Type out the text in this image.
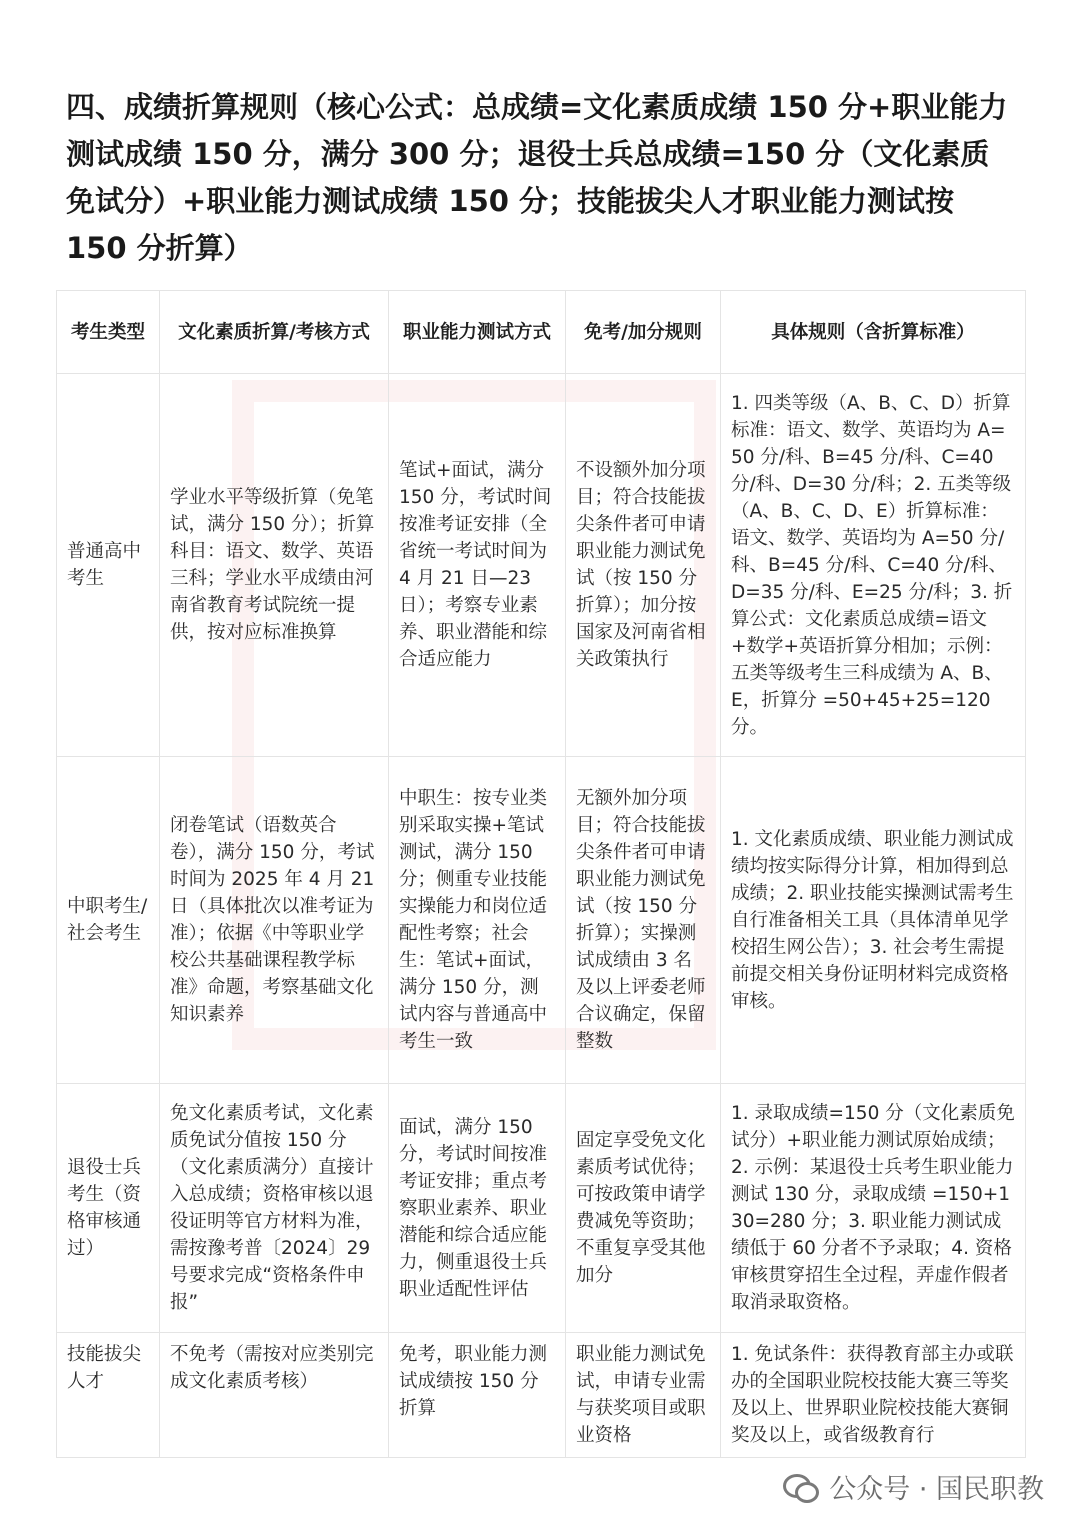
四、成绩折算规则（核心公式：总成绩=文化素质成绩 150 分+职业能力测试成绩 150 分，满分 300 分；退役士兵总成绩=150 分（文化素质免试分）+职业能力测试成绩 150 分；技能拔尖人才职业能力测试按 150 分折算）
考生类型	文化素质折算/考核方式	职业能力测试方式	免考/加分规则	具体规则（含折算标准）
普通高中考生	学业水平等级折算（免笔试，满分 150 分）；折算科目：语文、数学、英语三科；学业水平成绩由河南省教育考试院统一提供，按对应标准换算	笔试+面试，满分 150 分，考试时间按准考证安排（全省统一考试时间为 4 月 21 日—23 日）；考察专业素养、职业潜能和综合适应能力	不设额外加分项目；符合技能拔尖条件者可申请职业能力测试免试（按 150 分折算）；加分按国家及河南省相关政策执行	1. 四类等级（A、B、C、D）折算标准：语文、数学、英语均为 A=50 分/科、B=45 分/科、C=40 分/科、D=30 分/科；2. 五类等级（A、B、C、D、E）折算标准：语文、数学、英语均为 A=50 分/科、B=45 分/科、C=40 分/科、D=35 分/科、E=25 分/科；3. 折算公式：文化素质总成绩=语文+数学+英语折算分相加；示例：五类等级考生三科成绩为 A、B、E，折算分 =50+45+25=120 分。
中职考生/社会考生	闭卷笔试（语数英合卷），满分 150 分，考试时间为 2025 年 4 月 21 日（具体批次以准考证为准）；依据《中等职业学校公共基础课程教学标准》命题，考察基础文化知识素养	中职生：按专业类别采取实操+笔试测试，满分 150 分；侧重专业技能实操能力和岗位适配性考察；社会生：笔试+面试，满分 150 分，测试内容与普通高中考生一致	无额外加分项目；符合技能拔尖条件者可申请职业能力测试免试（按 150 分折算）；实操测试成绩由 3 名及以上评委老师合议确定，保留整数	1. 文化素质成绩、职业能力测试成绩均按实际得分计算，相加得到总成绩；2. 职业技能实操测试需考生自行准备相关工具（具体清单见学校招生网公告）；3. 社会考生需提前提交相关身份证明材料完成资格审核。
退役士兵考生（资格审核通过）	免文化素质考试，文化素质免试分值按 150 分（文化素质满分）直接计入总成绩；资格审核以退役证明等官方材料为准，需按豫考普〔2024〕29 号要求完成“资格条件申报”	面试，满分 150 分，考试时间按准考证安排；重点考察职业素养、职业潜能和综合适应能力，侧重退役士兵职业适配性评估	固定享受免文化素质考试优待；可按政策申请学费减免等资助；不重复享受其他加分	1. 录取成绩=150 分（文化素质免试分）+职业能力测试原始成绩；2. 示例：某退役士兵考生职业能力测试 130 分，录取成绩 =150+130=280 分；3. 职业能力测试成绩低于 60 分者不予录取；4. 资格审核贯穿招生全过程，弄虚作假者取消录取资格。
技能拔尖人才	不免考（需按对应类别完成文化素质考核）	免考，职业能力测试成绩按 150 分折算	职业能力测试免试，申请专业需与获奖项目或职业资格	1. 免试条件：获得教育部主办或联办的全国职业院校技能大赛三等奖及以上、世界职业院校技能大赛铜奖及以上，或省级教育行
公众号 · 国民职教
